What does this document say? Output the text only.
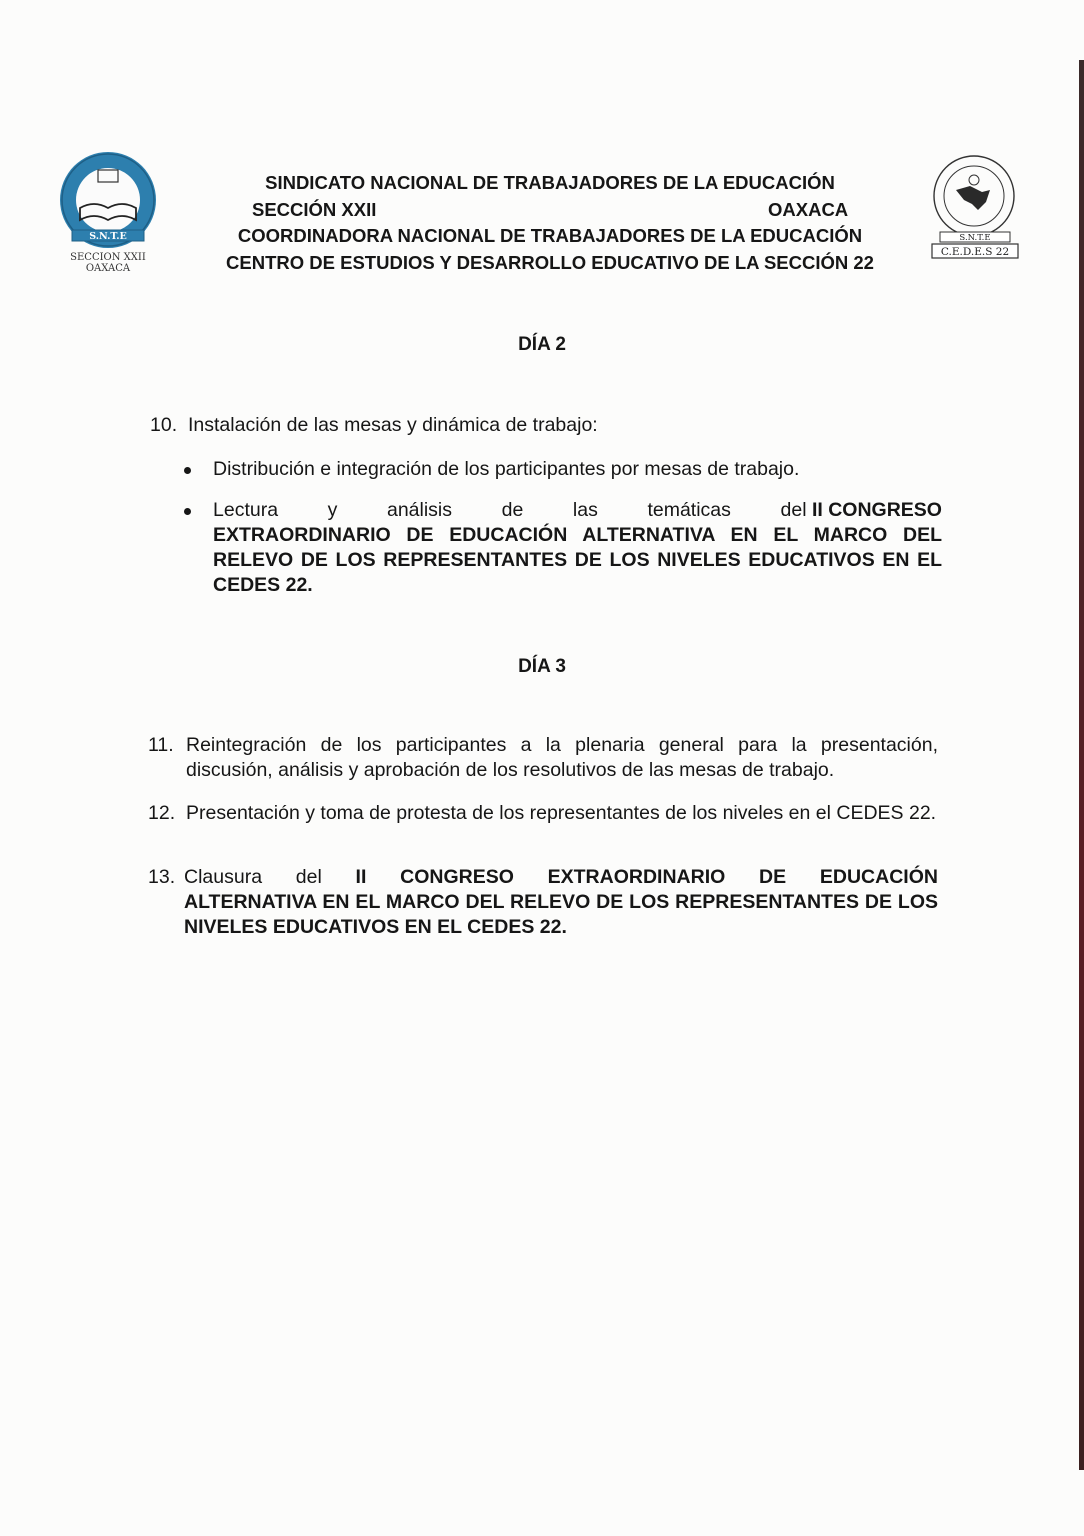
S.N.T.E
SECCION XXII
OAXACA
S.N.T.E
C.E.D.E.S 22
SINDICATO NACIONAL DE TRABAJADORES DE LA EDUCACIÓN
SECCIÓN XXII	OAXACA
COORDINADORA NACIONAL DE TRABAJADORES DE LA EDUCACIÓN
CENTRO DE ESTUDIOS Y DESARROLLO EDUCATIVO DE LA SECCIÓN 22
DÍA 2
10. Instalación de las mesas y dinámica de trabajo:
Distribución e integración de los participantes por mesas de trabajo.
Lectura	y	análisis	de	las	temáticas	del II CONGRESO
EXTRAORDINARIO DE EDUCACIÓN ALTERNATIVA EN EL MARCO DEL RELEVO DE LOS REPRESENTANTES DE LOS NIVELES EDUCATIVOS EN EL CEDES 22.
DÍA 3
11. Reintegración de los participantes a la plenaria general para la presentación, discusión, análisis y aprobación de los resolutivos de las mesas de trabajo.
12. Presentación y toma de protesta de los representantes de los niveles en el CEDES 22.
13. Clausura del II CONGRESO EXTRAORDINARIO DE EDUCACIÓN
ALTERNATIVA EN EL MARCO DEL RELEVO DE LOS REPRESENTANTES DE LOS NIVELES EDUCATIVOS EN EL CEDES 22.
